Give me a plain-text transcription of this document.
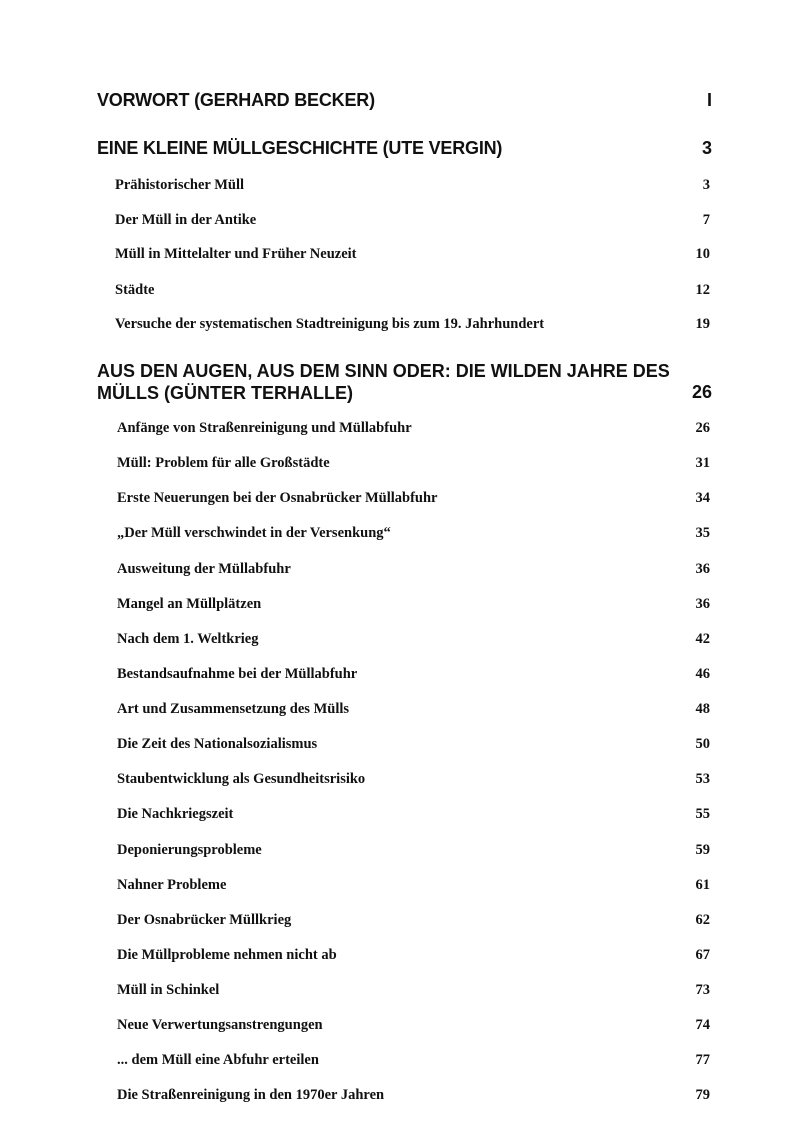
VORWORT (GERHARD BECKER)	I
EINE KLEINE MÜLLGESCHICHTE (UTE VERGIN)	3
Prähistorischer Müll	3
Der Müll in der Antike	7
Müll in Mittelalter und Früher Neuzeit	10
Städte	12
Versuche der systematischen Stadtreinigung bis zum 19. Jahrhundert	19
AUS DEN AUGEN, AUS DEM SINN ODER: DIE WILDEN JAHRE DES
MÜLLS (GÜNTER TERHALLE)	26
Anfänge von Straßenreinigung und Müllabfuhr	26
Müll: Problem für alle Großstädte	31
Erste Neuerungen bei der Osnabrücker Müllabfuhr	34
„Der Müll verschwindet in der Versenkung“	35
Ausweitung der Müllabfuhr	36
Mangel an Müllplätzen	36
Nach dem 1. Weltkrieg	42
Bestandsaufnahme bei der Müllabfuhr	46
Art und Zusammensetzung des Mülls	48
Die Zeit des Nationalsozialismus	50
Staubentwicklung als Gesundheitsrisiko	53
Die Nachkriegszeit	55
Deponierungsprobleme	59
Nahner Probleme	61
Der Osnabrücker Müllkrieg	62
Die Müllprobleme nehmen nicht ab	67
Müll in Schinkel	73
Neue Verwertungsanstrengungen	74
... dem Müll eine Abfuhr erteilen	77
Die Straßenreinigung in den 1970er Jahren	79
